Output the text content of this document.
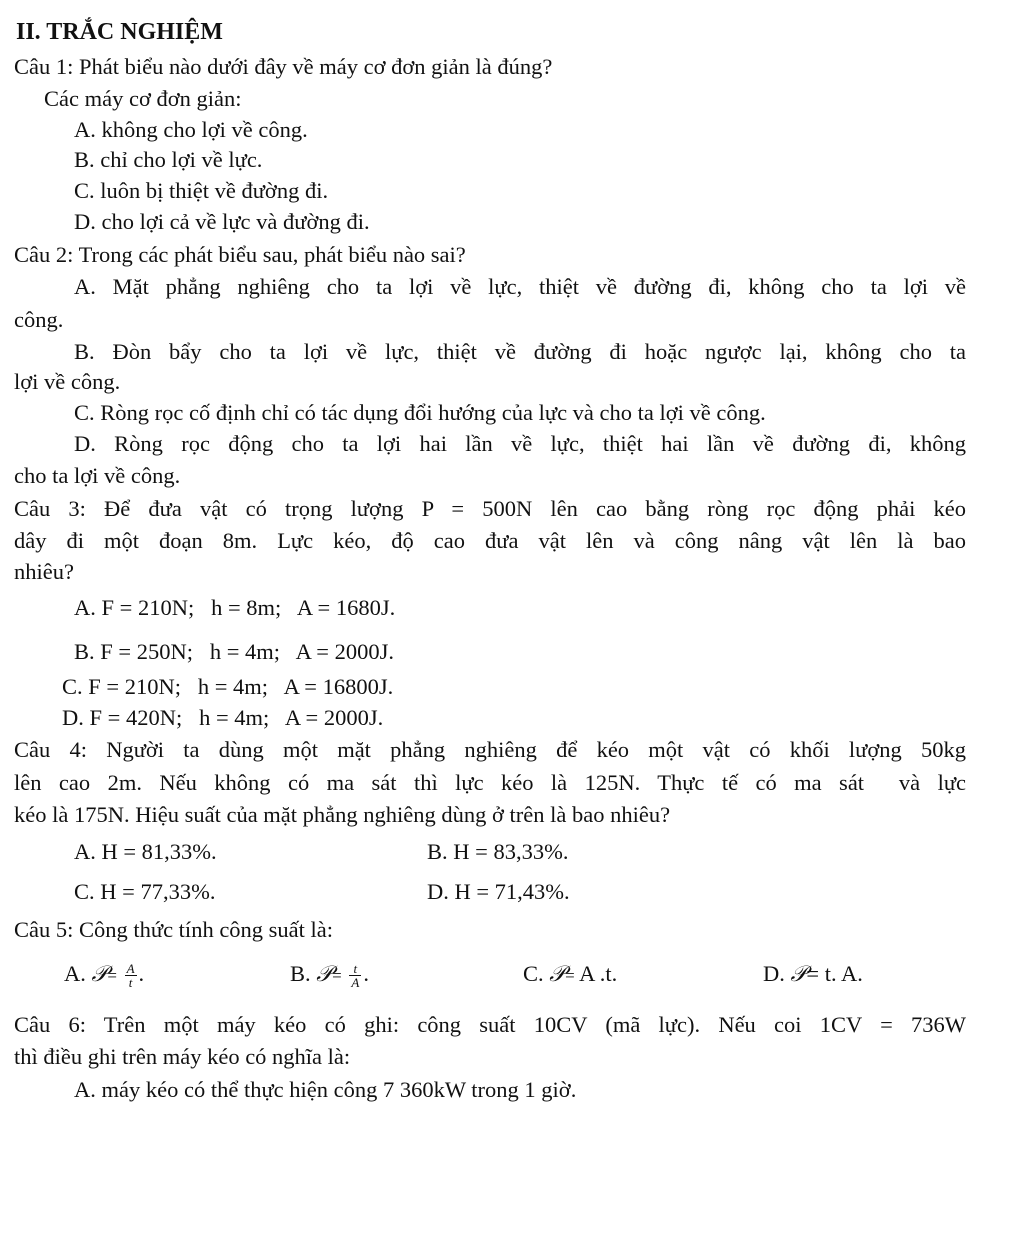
II. TRẮC NGHIỆM
Câu 1: Phát biểu nào dưới đây về máy cơ đơn giản là đúng?
Các máy cơ đơn giản:
A. không cho lợi về công.
B. chỉ cho lợi về lực.
C. luôn bị thiệt về đường đi.
D. cho lợi cả về lực và đường đi.
Câu 2: Trong các phát biểu sau, phát biểu nào sai?
A. Mặt phẳng nghiêng cho ta lợi về lực, thiệt về đường đi, không cho ta lợi về
công.
B. Đòn bẩy cho ta lợi về lực, thiệt về đường đi hoặc ngược lại, không cho ta
lợi về công.
C. Ròng rọc cố định chỉ có tác dụng đổi hướng của lực và cho ta lợi về công.
D. Ròng rọc động cho ta lợi hai lần về lực, thiệt hai lần về đường đi, không
cho ta lợi về công.
Câu 3: Để đưa vật có trọng lượng P = 500N lên cao bằng ròng rọc động phải kéo
dây đi một đoạn 8m. Lực kéo, độ cao đưa vật lên và công nâng vật lên là bao
nhiêu?
A. F = 210N;   h = 8m;   A = 1680J.
B. F = 250N;   h = 4m;   A = 2000J.
C. F = 210N;   h = 4m;   A = 16800J.
D. F = 420N;   h = 4m;   A = 2000J.
Câu 4: Người ta dùng một mặt phẳng nghiêng để kéo một vật có khối lượng 50kg
lên cao 2m. Nếu không có ma sát thì lực kéo là 125N. Thực tế có ma sát  và lực
kéo là 175N. Hiệu suất của mặt phẳng nghiêng dùng ở trên là bao nhiêu?
A. H = 81,33%.	B. H = 83,33%.
C. H = 77,33%.	D. H = 71,43%.
Câu 5: Công thức tính công suất là:
A. 𝒫= $\frac{A}{t}$ .	B. 𝒫= $\frac{t}{A}$ .	C. 𝒫= A .t.	D. 𝒫= t. A.
Câu 6: Trên một máy kéo có ghi: công suất 10CV (mã lực). Nếu coi 1CV = 736W
thì điều ghi trên máy kéo có nghĩa là:
A. máy kéo có thể thực hiện công 7 360kW trong 1 giờ.
